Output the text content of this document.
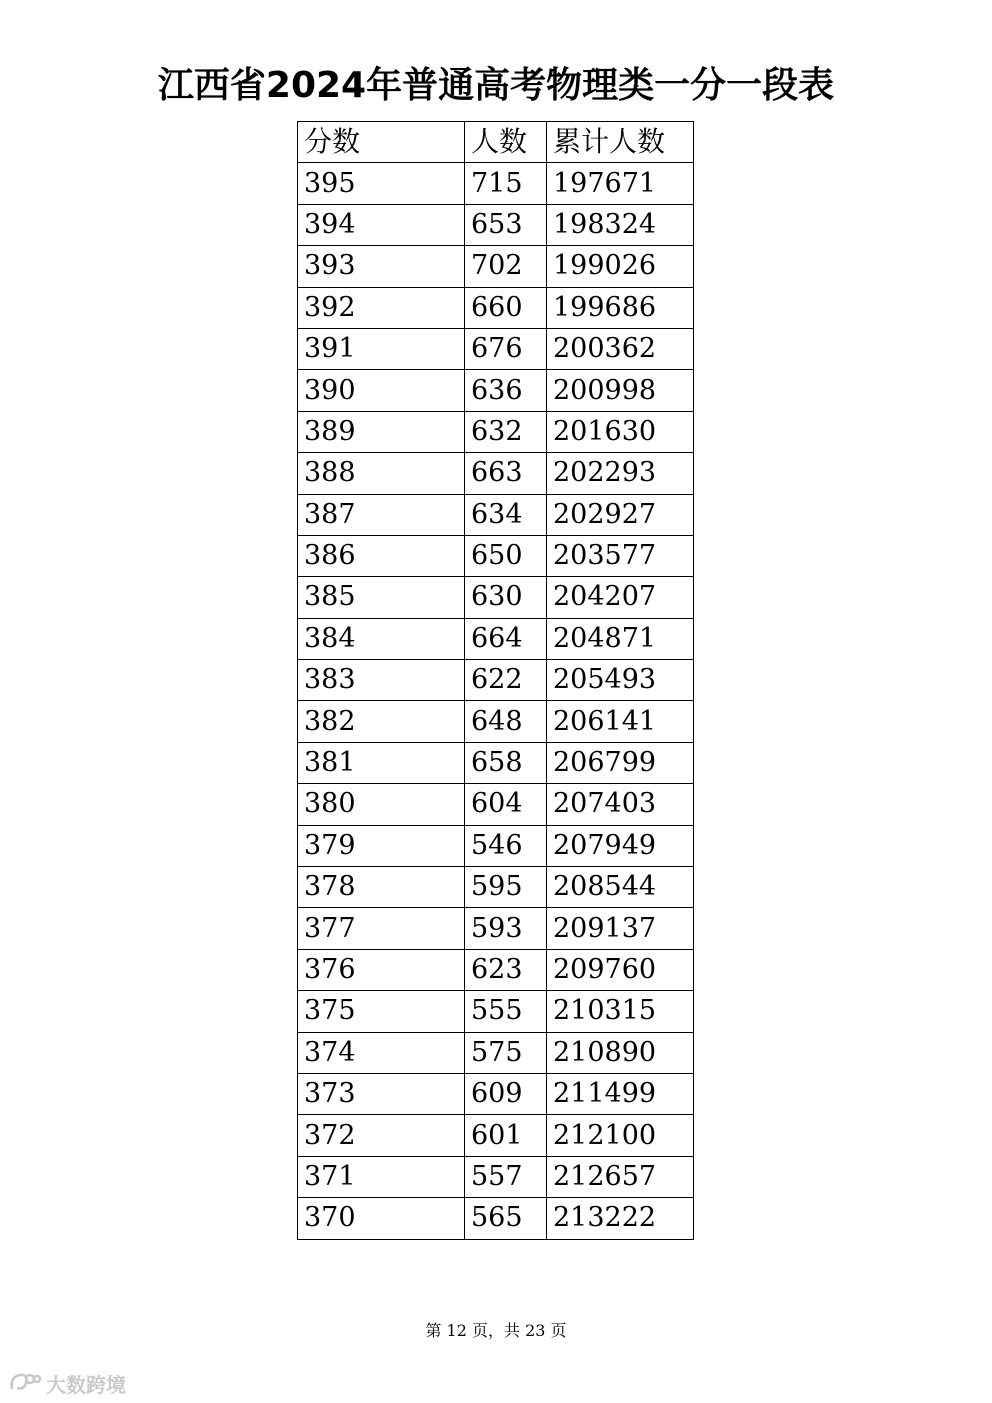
江西省2024年普通高考物理类一分一段表
分数	人数	累计人数
395	715	197671
394	653	198324
393	702	199026
392	660	199686
391	676	200362
390	636	200998
389	632	201630
388	663	202293
387	634	202927
386	650	203577
385	630	204207
384	664	204871
383	622	205493
382	648	206141
381	658	206799
380	604	207403
379	546	207949
378	595	208544
377	593	209137
376	623	209760
375	555	210315
374	575	210890
373	609	211499
372	601	212100
371	557	212657
370	565	213222
第 12 页，共 23 页
大数跨境
